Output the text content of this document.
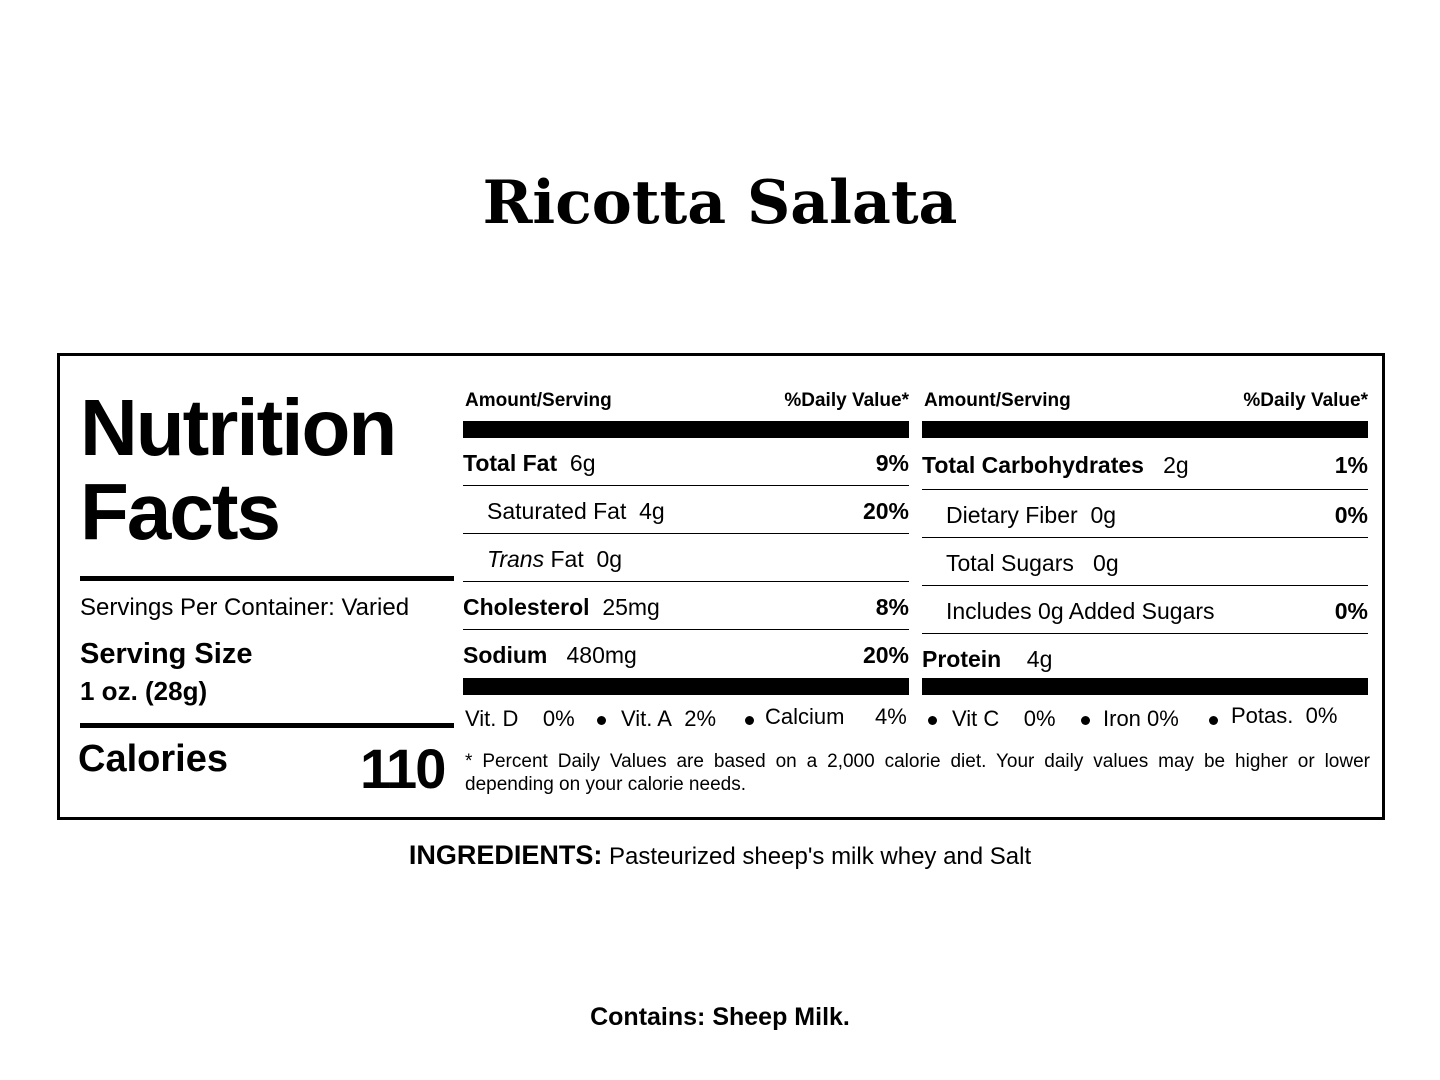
Ricotta Salata
Nutrition
Facts
Servings Per Container: Varied
Serving Size
1 oz. (28g)
Calories 110
Amount/Serving	%Daily Value*
Total Fat 6g	9%
Saturated Fat 4g	20%
Trans Fat 0g
Cholesterol 25mg	8%
Sodium 480mg	20%
Amount/Serving	%Daily Value*
Total Carbohydrates 2g	1%
Dietary Fiber 0g	0%
Total Sugars 0g
Includes 0g Added Sugars	0%
Protein 4g
Vit. D 0% Vit. A 2% Calcium 4% Vit C 0% Iron 0% Potas. 0%
* Percent Daily Values are based on a 2,000 calorie diet. Your daily values may be higher or lower depending on your calorie needs.
INGREDIENTS: Pasteurized sheep's milk whey and Salt
Contains: Sheep Milk.
